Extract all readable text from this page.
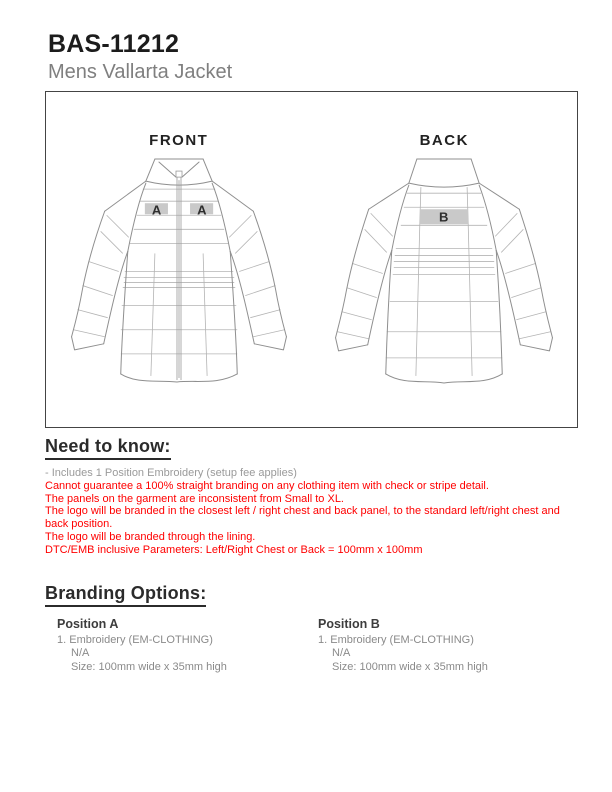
BAS-11212
Mens Vallarta Jacket
FRONT
A	A
BACK
B
Need to know:
- Includes 1 Position Embroidery (setup fee applies)
Cannot guarantee a 100% straight branding on any clothing item with check or stripe detail.
The panels on the garment are inconsistent from Small to XL.
The logo will be branded in the closest left / right chest and back panel, to the standard left/right chest and back position.
The logo will be branded through the lining.
DTC/EMB inclusive Parameters: Left/Right Chest or Back = 100mm x 100mm
Branding Options:
Position A
1. Embroidery (EM-CLOTHING)
N/A
Size: 100mm wide x 35mm high
Position B
1. Embroidery (EM-CLOTHING)
N/A
Size: 100mm wide x 35mm high
